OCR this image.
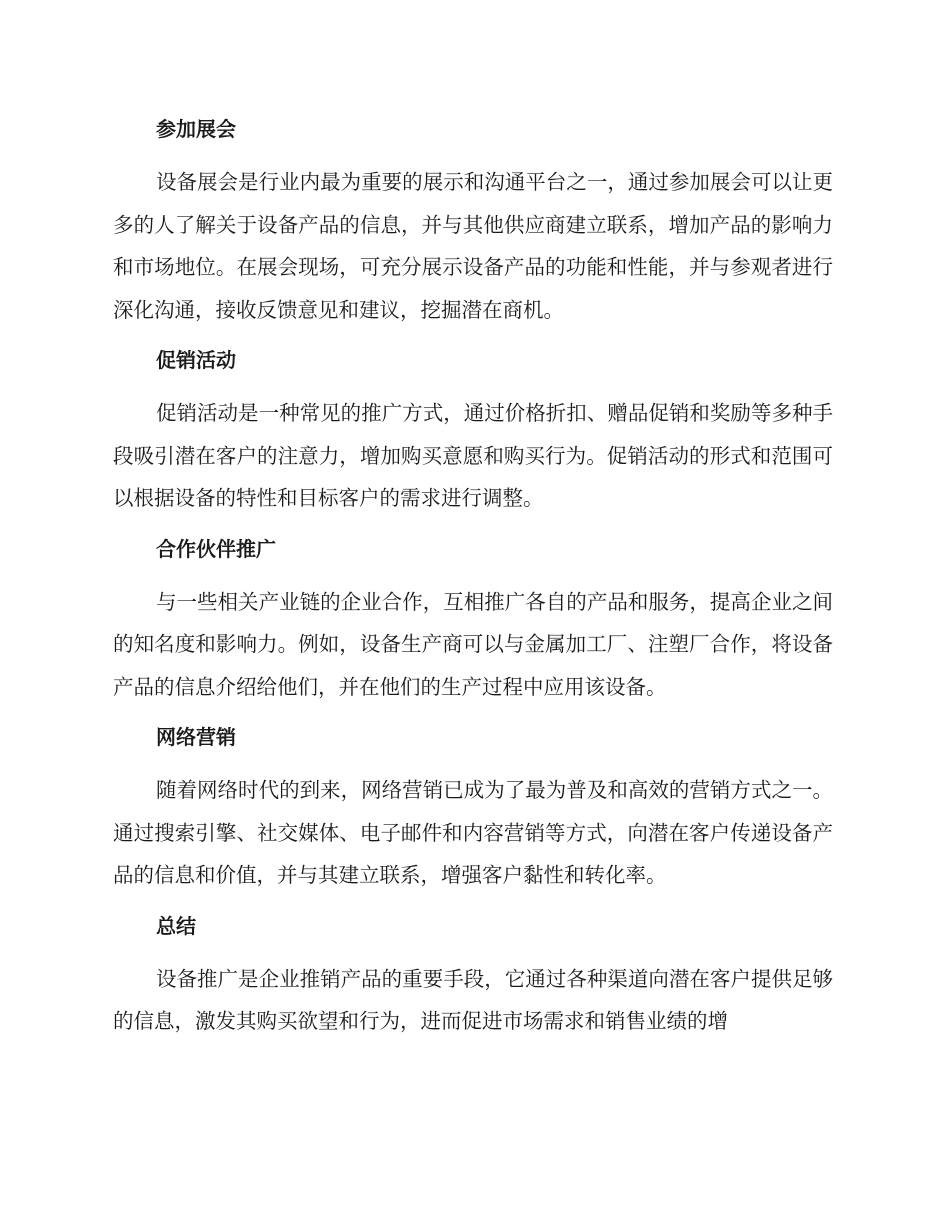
参加展会

设备展会是行业内最为重要的展示和沟通平台之一，通过参加展会可以让更多的人了解关于设备产品的信息，并与其他供应商建立联系，增加产品的影响力和市场地位。在展会现场，可充分展示设备产品的功能和性能，并与参观者进行深化沟通，接收反馈意见和建议，挖掘潜在商机。

促销活动

促销活动是一种常见的推广方式，通过价格折扣、赠品促销和奖励等多种手段吸引潜在客户的注意力，增加购买意愿和购买行为。促销活动的形式和范围可以根据设备的特性和目标客户的需求进行调整。

合作伙伴推广

与一些相关产业链的企业合作，互相推广各自的产品和服务，提高企业之间的知名度和影响力。例如，设备生产商可以与金属加工厂、注塑厂合作，将设备产品的信息介绍给他们，并在他们的生产过程中应用该设备。

网络营销

随着网络时代的到来，网络营销已成为了最为普及和高效的营销方式之一。通过搜索引擎、社交媒体、电子邮件和内容营销等方式，向潜在客户传递设备产品的信息和价值，并与其建立联系，增强客户黏性和转化率。

总结

设备推广是企业推销产品的重要手段，它通过各种渠道向潜在客户提供足够的信息，激发其购买欲望和行为，进而促进市场需求和销售业绩的增
